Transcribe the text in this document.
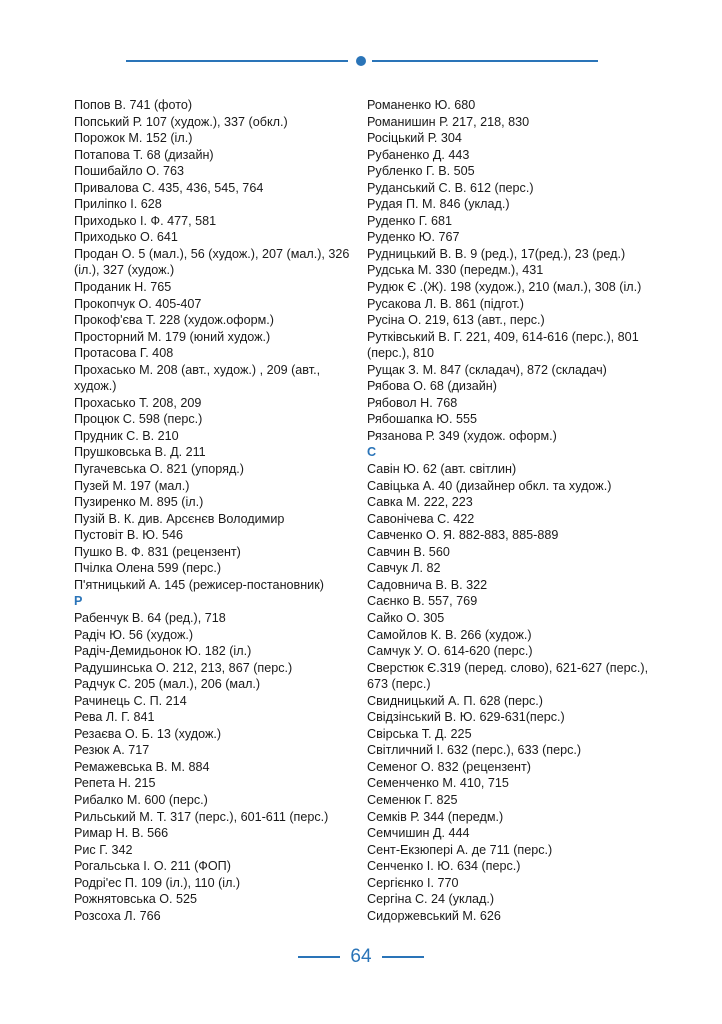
Попов В. 741 (фото)
Попський Р. 107 (худож.), 337 (обкл.)
Порожок М. 152 (іл.)
Потапова Т. 68 (дизайн)
Пошибайло О. 763
Привалова С. 435, 436, 545, 764
Прилiпко I. 628
Приходько I. Ф. 477, 581
Приходько О. 641
Продан О. 5 (мал.), 56 (худож.), 207 (мал.), 326 (іл.), 327 (худож.)
Проданик Н. 765
Прокопчук О. 405-407
Прокоф'єва Т. 228 (худож.оформ.)
Просторний М. 179 (юний худож.)
Протасова Г. 408
Прохасько М. 208 (авт., худож.) , 209 (авт., худож.)
Прохасько Т. 208, 209
Процюк С. 598 (перс.)
Прудник С. В. 210
Прушковська В. Д. 211
Пугачевська О. 821 (упоряд.)
Пузей М. 197 (мал.)
Пузиренко М. 895 (іл.)
Пузій В. К. див. Арсєнєв Володимир
Пустовіт В. Ю. 546
Пушко В. Ф. 831 (рецензент)
Пчілка Олена 599 (перс.)
П'ятницький А. 145 (режисер-постановник)
Р
Рабенчук В. 64 (ред.), 718
Радіч Ю. 56 (худож.)
Радіч-Демидьонок Ю. 182 (іл.)
Радушинська О. 212, 213, 867 (перс.)
Радчук С. 205 (мал.), 206 (мал.)
Рачинець С. П. 214
Рева Л. Г. 841
Резаєва О. Б. 13 (худож.)
Резюк А. 717
Ремажевська В. М. 884
Репета Н. 215
Рибалко М. 600 (перс.)
Рильський М. Т. 317 (перс.), 601-611 (перс.)
Римар Н. В. 566
Рис Г. 342
Рогальська І. О. 211 (ФОП)
Родрі'ес П. 109 (іл.), 110 (іл.)
Рожнятовська О. 525
Розсоха Л. 766
Романенко Ю. 680
Романишин Р. 217, 218, 830
Росіцький Р. 304
Рубаненко Д. 443
Рубленко Г. В. 505
Руданський С. В. 612 (перс.)
Рудая П. М. 846 (уклад.)
Руденко Г. 681
Руденко Ю. 767
Рудницький В. В. 9 (ред.), 17(ред.), 23 (ред.)
Рудська М. 330 (передм.), 431
Рудюк Є .(Ж). 198 (худож.), 210 (мал.), 308 (іл.)
Русакова Л. В. 861 (підгот.)
Русіна О. 219, 613 (авт., перс.)
Рутківський В. Г. 221, 409, 614-616 (перс.), 801 (перс.), 810
Рущак З. М. 847 (складач), 872 (складач)
Рябова О. 68 (дизайн)
Рябовол Н. 768
Рябошапка Ю. 555
Рязанова Р. 349 (худож. оформ.)
С
Савін Ю. 62 (авт. світлин)
Савіцька А. 40 (дизайнер обкл. та худож.)
Савка М. 222, 223
Савонічева С. 422
Савченко О. Я. 882-883, 885-889
Савчин В. 560
Савчук Л. 82
Садовнича В. В. 322
Саєнко В. 557, 769
Сайко О. 305
Самойлов К. В. 266 (худож.)
Самчук У. О. 614-620 (перс.)
Сверстюк Є.319 (перед. слово), 621-627 (перс.), 673 (перс.)
Свидницький А. П. 628 (перс.)
Свідзінський В. Ю. 629-631(перс.)
Свірська Т. Д. 225
Світличний І. 632 (перс.), 633 (перс.)
Семеног О. 832 (рецензент)
Семенченко М. 410, 715
Семенюк Г. 825
Семків Р. 344 (передм.)
Семчишин Д. 444
Сент-Екзюпері А. де 711 (перс.)
Сенченко І. Ю. 634 (перс.)
Сергієнко І. 770
Сергіна С. 24 (уклад.)
Сидоржевський М. 626
64
